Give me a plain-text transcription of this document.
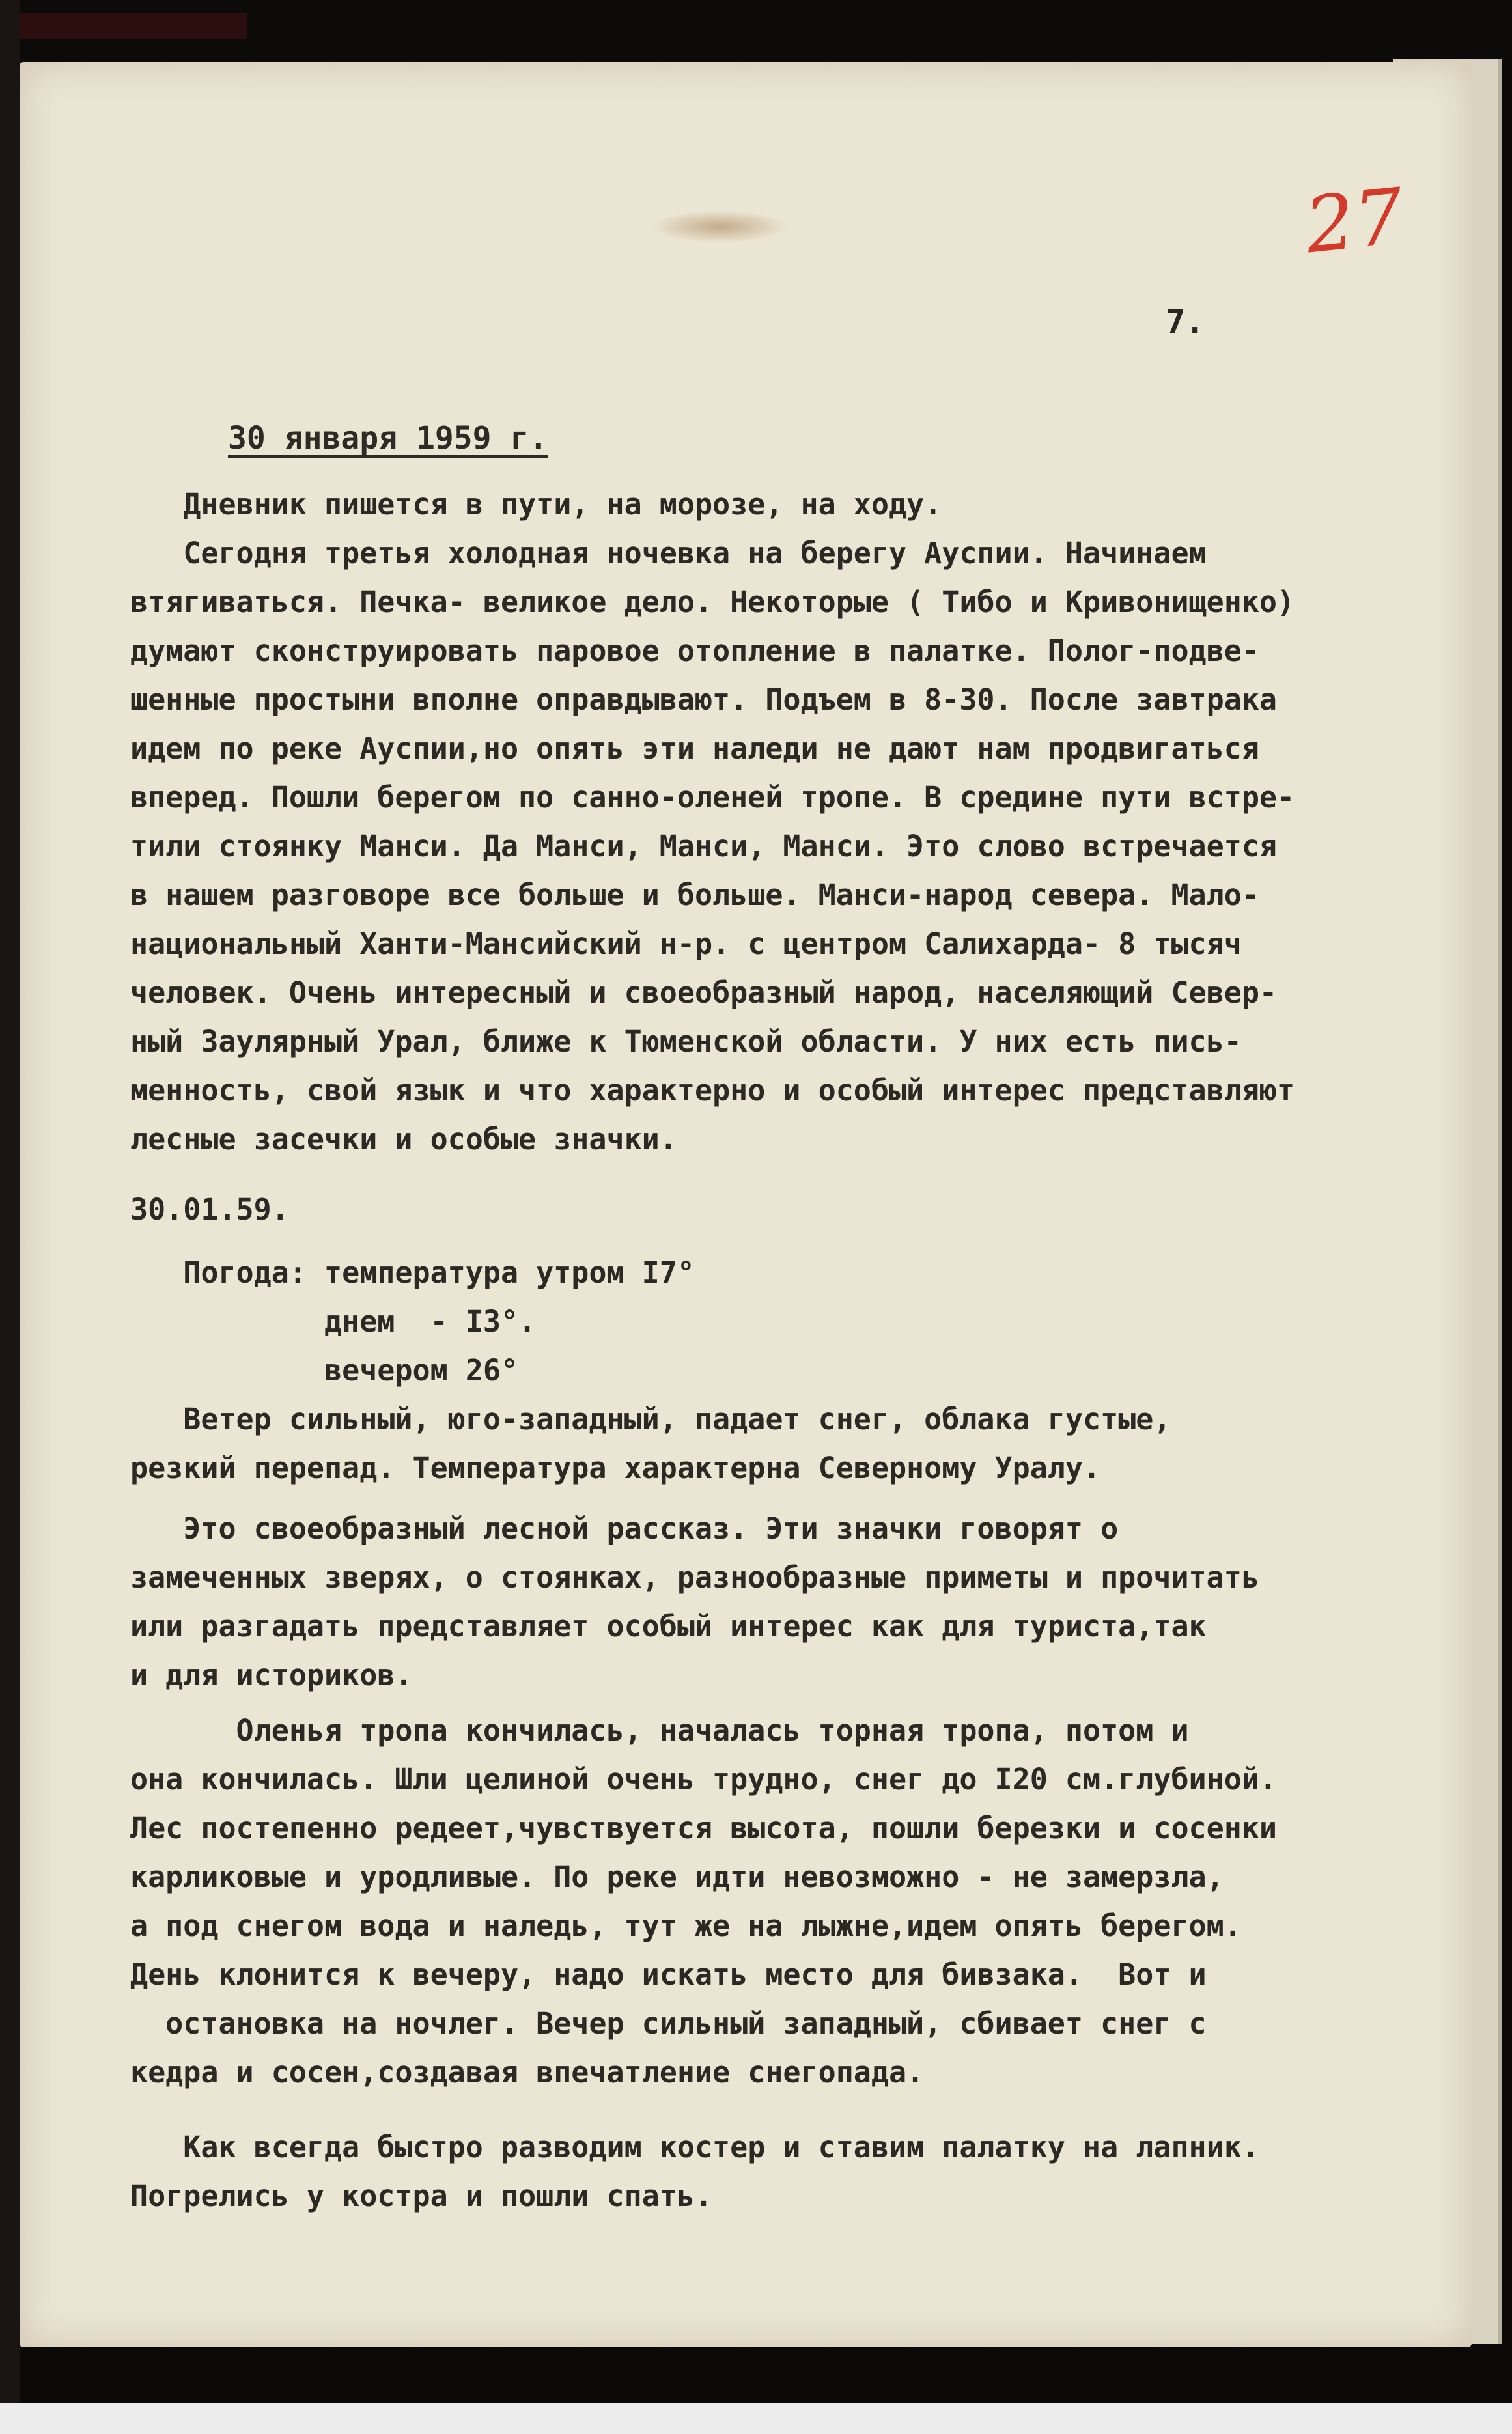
27

7.

30 января 1959 г.

Дневник пишется в пути, на морозе, на ходу.
Сегодня третья холодная ночевка на берегу Ауспии. Начинаем
втягиваться. Печка- великое дело. Некоторые ( Тибо и Кривонищенко)
думают сконструировать паровое отопление в палатке. Полог-подве-
шенные простыни вполне оправдывают. Подъем в 8-30. После завтрака
идем по реке Ауспии,но опять эти наледи не дают нам продвигаться
вперед. Пошли берегом по санно-оленей тропе. В средине пути встре-
тили стоянку Манси. Да Манси, Манси, Манси. Это слово встречается
в нашем разговоре все больше и больше. Манси-народ севера. Мало-
национальный Ханти-Мансийский н-р. с центром Салихарда- 8 тысяч
человек. Очень интересный и своеобразный народ, населяющий Север-
ный Заулярный Урал, ближе к Тюменской области. У них есть пись-
менность, свой язык и что характерно и особый интерес представляют
лесные засечки и особые значки.

30.01.59.

Погода: температура утром I7°
днем  - I3°.
вечером 26°

Ветер сильный, юго-западный, падает снег, облака густые,
резкий перепад. Температура характерна Северному Уралу.

Это своеобразный лесной рассказ. Эти значки говорят о
замеченных зверях, о стоянках, разнообразные приметы и прочитать
или разгадать представляет особый интерес как для туриста,так
и для историков.

Оленья тропа кончилась, началась торная тропа, потом и
она кончилась. Шли целиной очень трудно, снег до I20 см.глубиной.
Лес постепенно редеет,чувствуется высота, пошли березки и сосенки
карликовые и уродливые. По реке идти невозможно - не замерзла,
а под снегом вода и наледь, тут же на лыжне,идем опять берегом.
День клонится к вечеру, надо искать место для бивзака.  Вот и
остановка на ночлег. Вечер сильный западный, сбивает снег с
кедра и сосен,создавая впечатление снегопада.

Как всегда быстро разводим костер и ставим палатку на лапник.
Погрелись у костра и пошли спать.
